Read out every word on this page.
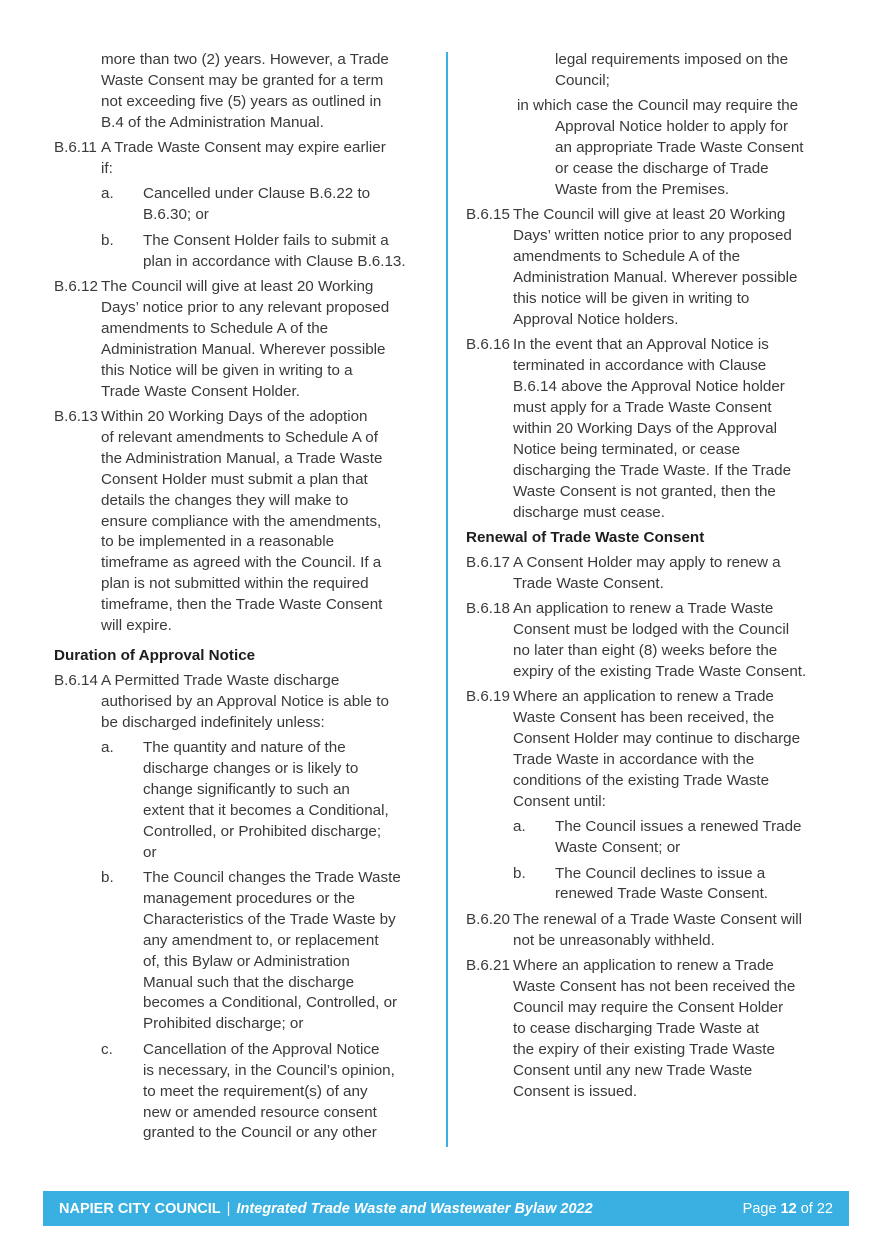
more than two (2) years. However, a Trade
Waste Consent may be granted for a term
not exceeding five (5) years as outlined in
B.4 of the Administration Manual.
B.6.11 A Trade Waste Consent may expire earlier
if:
a.	Cancelled under Clause B.6.22 to
B.6.30; or
b.	The Consent Holder fails to submit a
plan in accordance with Clause B.6.13.
B.6.12 The Council will give at least 20 Working
Days’ notice prior to any relevant proposed
amendments to Schedule A of the
Administration Manual. Wherever possible
this Notice will be given in writing to a
Trade Waste Consent Holder.
B.6.13 Within 20 Working Days of the adoption
of relevant amendments to Schedule A of
the Administration Manual, a Trade Waste
Consent Holder must submit a plan that
details the changes they will make to
ensure compliance with the amendments,
to be implemented in a reasonable
timeframe as agreed with the Council. If a
plan is not submitted within the required
timeframe, then the Trade Waste Consent
will expire.
Duration of Approval Notice
B.6.14 A Permitted Trade Waste discharge
authorised by an Approval Notice is able to
be discharged indefinitely unless:
a.	The quantity and nature of the
discharge changes or is likely to
change significantly to such an
extent that it becomes a Conditional,
Controlled, or Prohibited discharge;
or
b.	The Council changes the Trade Waste
management procedures or the
Characteristics of the Trade Waste by
any amendment to, or replacement
of, this Bylaw or Administration
Manual such that the discharge
becomes a Conditional, Controlled, or
Prohibited discharge; or
c.	Cancellation of the Approval Notice
is necessary, in the Council’s opinion,
to meet the requirement(s) of any
new or amended resource consent
granted to the Council or any other
legal requirements imposed on the
Council;
in which case the Council may require the
Approval Notice holder to apply for
an appropriate Trade Waste Consent
or cease the discharge of Trade
Waste from the Premises.
B.6.15 The Council will give at least 20 Working
Days’ written notice prior to any proposed
amendments to Schedule A of the
Administration Manual. Wherever possible
this notice will be given in writing to
Approval Notice holders.
B.6.16 In the event that an Approval Notice is
terminated in accordance with Clause
B.6.14 above the Approval Notice holder
must apply for a Trade Waste Consent
within 20 Working Days of the Approval
Notice being terminated, or cease
discharging the Trade Waste. If the Trade
Waste Consent is not granted, then the
discharge must cease.
Renewal of Trade Waste Consent
B.6.17 A Consent Holder may apply to renew a
Trade Waste Consent.
B.6.18 An application to renew a Trade Waste
Consent must be lodged with the Council
no later than eight (8) weeks before the
expiry of the existing Trade Waste Consent.
B.6.19 Where an application to renew a Trade
Waste Consent has been received, the
Consent Holder may continue to discharge
Trade Waste in accordance with the
conditions of the existing Trade Waste
Consent until:
a.	The Council issues a renewed Trade
Waste Consent; or
b.	The Council declines to issue a
renewed Trade Waste Consent.
B.6.20 The renewal of a Trade Waste Consent will
not be unreasonably withheld.
B.6.21 Where an application to renew a Trade
Waste Consent has not been received the
Council may require the Consent Holder
to cease discharging Trade Waste at
the expiry of their existing Trade Waste
Consent until any new Trade Waste
Consent is issued.
NAPIER CITY COUNCIL | Integrated Trade Waste and Wastewater Bylaw 2022	Page 12 of 22
